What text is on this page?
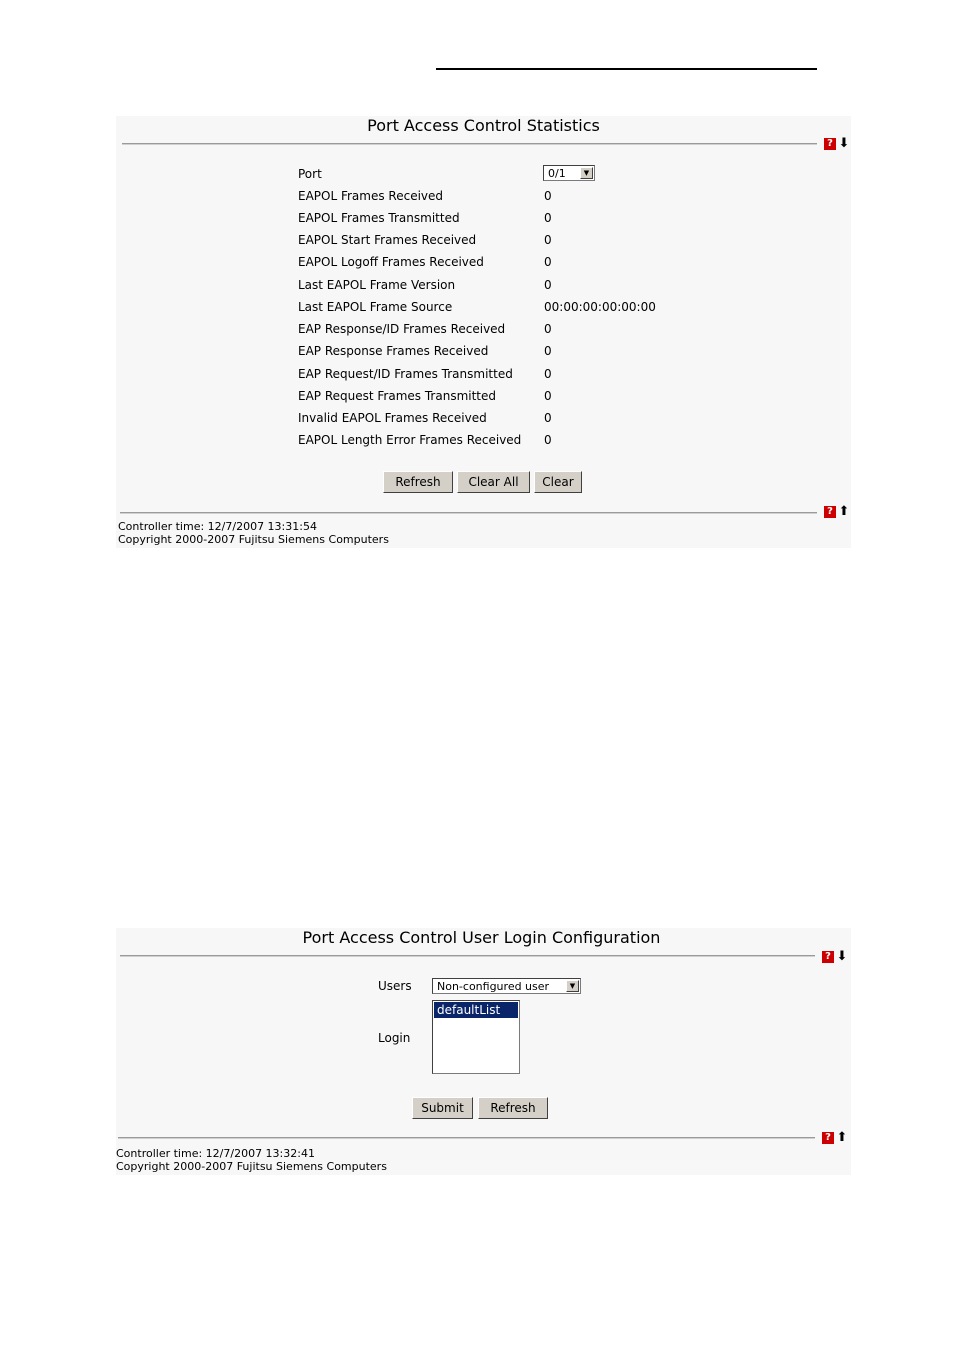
Port Access Control Statistics
? ⬇
Port	0/1	▼
EAPOL Frames Received	0
EAPOL Frames Transmitted	0
EAPOL Start Frames Received	0
EAPOL Logoff Frames Received	0
Last EAPOL Frame Version	0
Last EAPOL Frame Source	00:00:00:00:00:00
EAP Response/ID Frames Received	0
EAP Response Frames Received	0
EAP Request/ID Frames Transmitted	0
EAP Request Frames Transmitted	0
Invalid EAPOL Frames Received	0
EAPOL Length Error Frames Received 0
Refresh	Clear All	Clear
? ⬆
Controller time: 12/7/2007 13:31:54
Copyright 2000-2007 Fujitsu Siemens Computers
Port Access Control User Login Configuration
? ⬇
Users Non-configured user	▼
Login
defaultList
Submit	Refresh
? ⬆
Controller time: 12/7/2007 13:32:41
Copyright 2000-2007 Fujitsu Siemens Computers
